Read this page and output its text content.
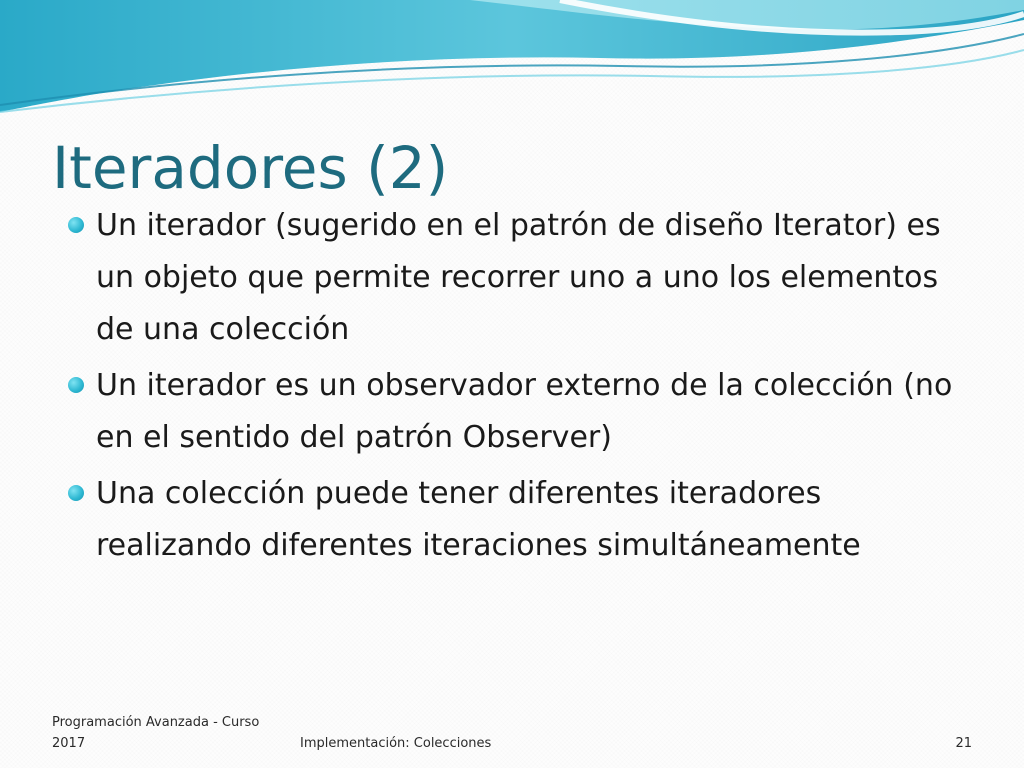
Iteradores (2)
Un iterador (sugerido en el patrón de diseño Iterator) es un objeto que permite recorrer uno a uno los elementos de una colección
Un iterador es un observador externo de la colección (no en el sentido del patrón Observer)
Una colección puede tener diferentes iteradores realizando diferentes iteraciones simultáneamente
Programación Avanzada - Curso 2017	Implementación: Colecciones	21
